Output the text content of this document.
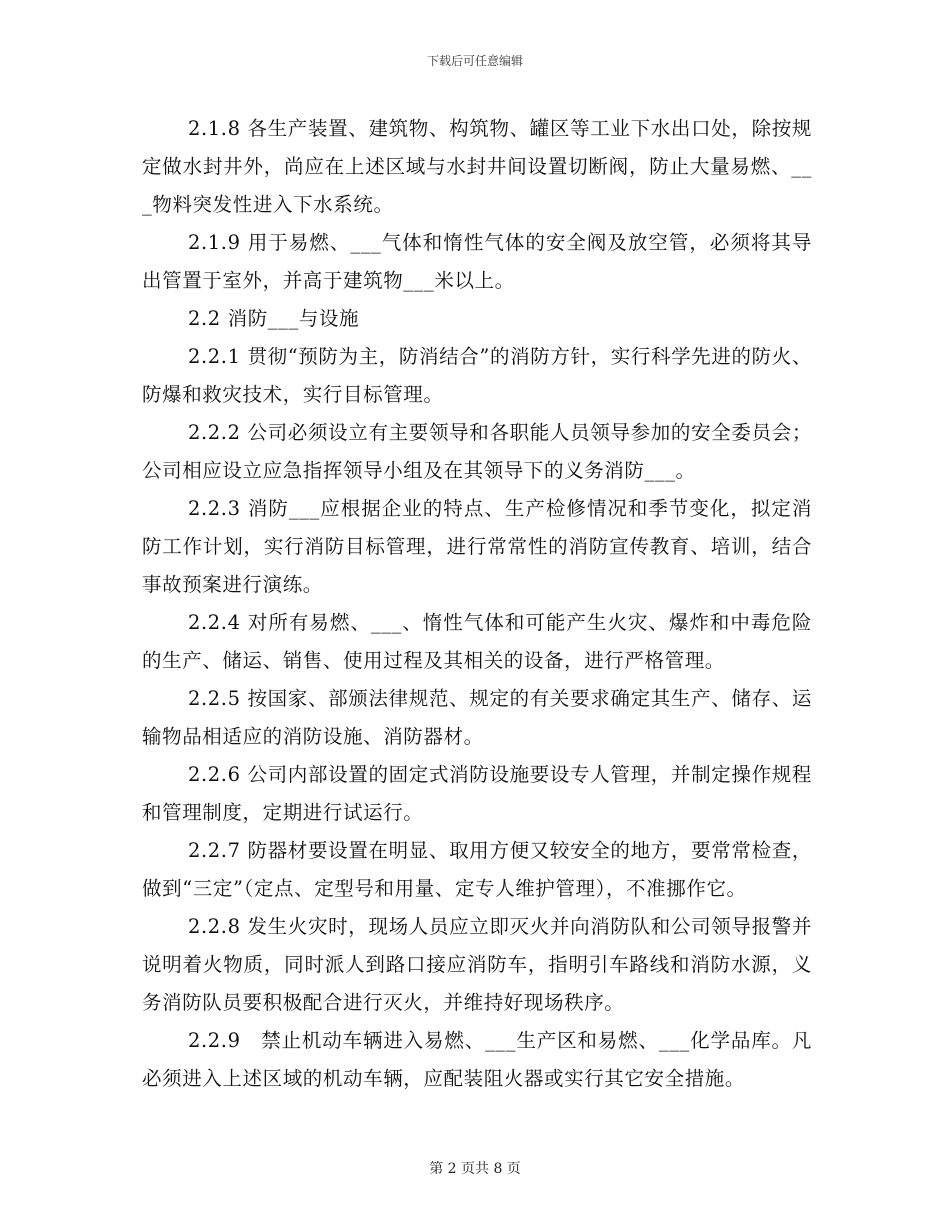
下载后可任意编辑

2.1.8 各生产装置、建筑物、构筑物、罐区等工业下水出口处，除按规定做水封井外，尚应在上述区域与水封井间设置切断阀，防止大量易燃、___物料突发性进入下水系统。

2.1.9 用于易燃、___气体和惰性气体的安全阀及放空管，必须将其导出管置于室外，并高于建筑物___米以上。

2.2 消防___与设施

2.2.1 贯彻“预防为主，防消结合”的消防方针，实行科学先进的防火、防爆和救灾技术，实行目标管理。

2.2.2 公司必须设立有主要领导和各职能人员领导参加的安全委员会；公司相应设立应急指挥领导小组及在其领导下的义务消防___。

2.2.3 消防___应根据企业的特点、生产检修情况和季节变化，拟定消防工作计划，实行消防目标管理，进行常常性的消防宣传教育、培训，结合事故预案进行演练。

2.2.4 对所有易燃、___、惰性气体和可能产生火灾、爆炸和中毒危险的生产、储运、销售、使用过程及其相关的设备，进行严格管理。

2.2.5 按国家、部颁法律规范、规定的有关要求确定其生产、储存、运输物品相适应的消防设施、消防器材。

2.2.6 公司内部设置的固定式消防设施要设专人管理，并制定操作规程和管理制度，定期进行试运行。

2.2.7 防器材要设置在明显、取用方便又较安全的地方，要常常检查，做到“三定”（定点、定型号和用量、定专人维护管理），不准挪作它。

2.2.8 发生火灾时，现场人员应立即灭火并向消防队和公司领导报警并说明着火物质，同时派人到路口接应消防车，指明引车路线和消防水源，义务消防队员要积极配合进行灭火，并维持好现场秩序。

2.2.9　禁止机动车辆进入易燃、___生产区和易燃、___化学品库。凡必须进入上述区域的机动车辆，应配装阻火器或实行其它安全措施。

第 2 页共 8 页
